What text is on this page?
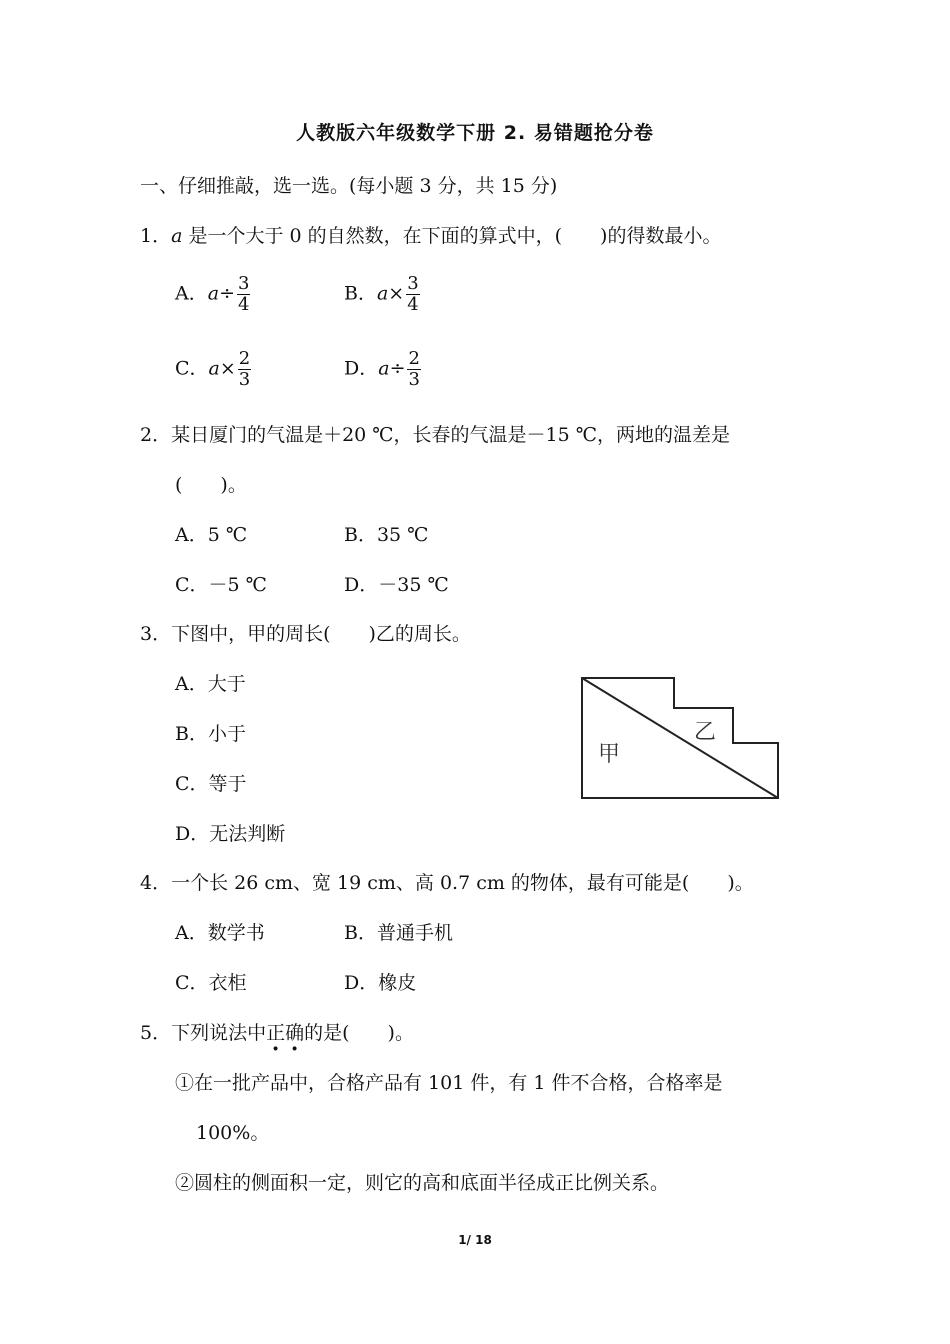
人教版六年级数学下册 2. 易错题抢分卷
一、仔细推敲，选一选。(每小题 3 分，共 15 分)
1．a 是一个大于 0 的自然数，在下面的算式中，(　　)的得数最小。
A．$a\div \frac{3}{4}$	B．$a\times \frac{3}{4}$
C．$a\times \frac{2}{3}$	D．$a\div \frac{2}{3}$
2．某日厦门的气温是＋20 ℃，长春的气温是－15 ℃，两地的温差是
(　　)。
A．5 ℃	B．35 ℃
C．－5 ℃	D．－35 ℃
3．下图中，甲的周长(　　)乙的周长。
A．大于
B．小于
C．等于
D．无法判断
甲
乙
4．一个长 26 cm、宽 19 cm、高 0.7 cm 的物体，最有可能是(　　)。
A．数学书	B．普通手机
C．衣柜	D．橡皮
5．下列说法中正确的是(　　)。
①在一批产品中，合格产品有 101 件，有 1 件不合格，合格率是
100%。
②圆柱的侧面积一定，则它的高和底面半径成正比例关系。
1/ 18
